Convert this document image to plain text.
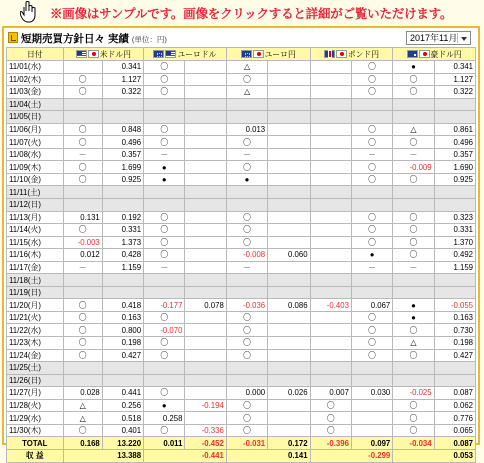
※画像はサンプルです。画像をクリックすると詳細がご覧いただけます。
短期売買方針日々 実績 (単位：円)	2017年11月
日付	米ドル円		ユーロドル		ユーロ円		ポンド円		豪ドル円	
11/01(水)		0.341	〇		△			〇	●	0.341
11/02(木)	〇	1.127	〇		〇			〇	〇	1.127
11/03(金)	〇	0.322	〇		△			〇	〇	0.322
11/04(土)										
11/05(日)										
11/06(月)	〇	0.848	〇		0.013			〇	△	0.861
11/07(火)	〇	0.496	〇		〇			〇	〇	0.496
11/08(水)	－	0.357	－		－			－	－	0.357
11/09(木)	〇	1.699	●		〇			〇	-0.009	1.690
11/10(金)	〇	0.925	●		●			〇	〇	0.925
11/11(土)										
11/12(日)										
11/13(月)	0.131	0.192	〇		〇			〇	〇	0.323
11/14(火)	〇	0.331	〇		〇			〇	〇	0.331
11/15(水)	-0.003	1.373	〇		〇			〇	〇	1.370
11/16(木)	0.012	0.428	〇		-0.008	0.060		●	〇	0.492
11/17(金)	－	1.159	－		－			－	－	1.159
11/18(土)										
11/19(日)										
11/20(月)	〇	0.418	-0.177	0.078	-0.036	0.086	-0.403	0.067	●	-0.055
11/21(火)	〇	0.163	〇		〇			〇	●	0.163
11/22(水)	〇	0.800	-0.070		〇			〇	〇	0.730
11/23(木)	〇	0.198	〇		〇			〇	△	0.198
11/24(金)	〇	0.427	〇		〇			〇	〇	0.427
11/25(土)										
11/26(日)										
11/27(月)	0.028	0.441	〇		0.000	0.026	0.007	0.030	-0.025	0.087
11/28(火)	△	0.256	●	-0.194	〇		〇		〇	0.062
11/29(水)	△	0.518	0.258		〇		〇		〇	0.776
11/30(木)	〇	0.401	〇	-0.336	〇		〇		〇	0.065
TOTAL	0.168	13.220	0.011	-0.452	-0.031	0.172	-0.396	0.097	-0.034	0.087
収 益	13.388		-0.441		0.141		-0.299		0.053	
